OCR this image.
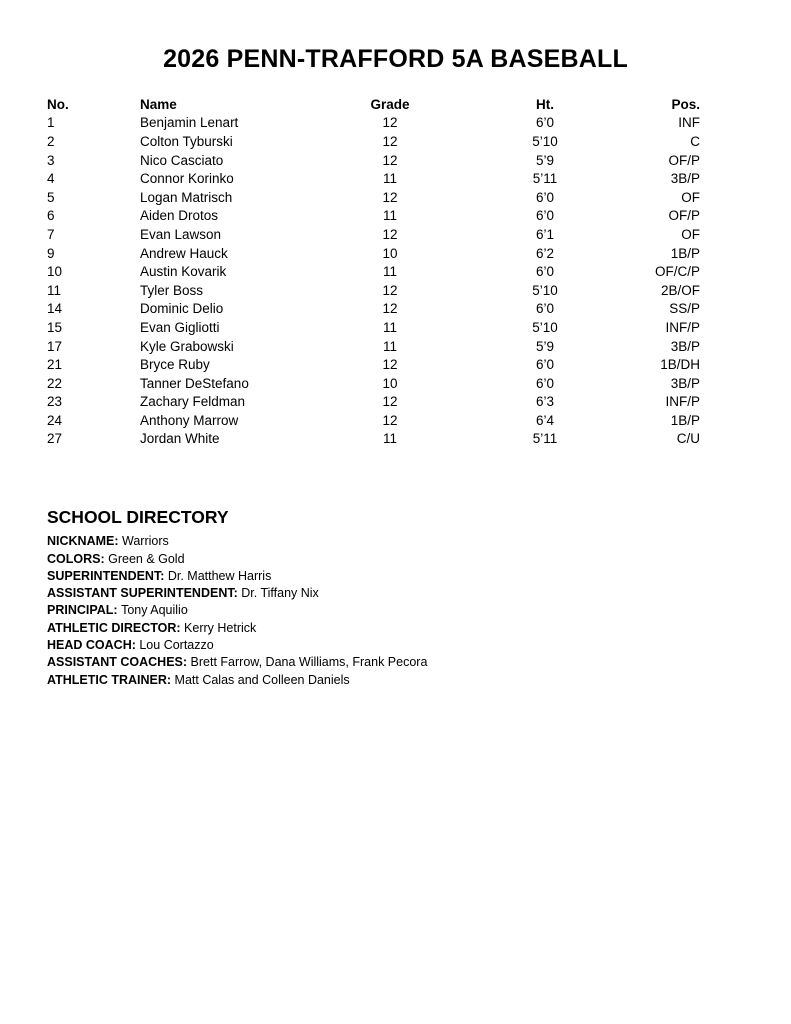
2026 PENN-TRAFFORD 5A BASEBALL
No.	Name	Grade	Ht.	Pos.
1	Benjamin Lenart	12	6’0	INF
2	Colton Tyburski	12	5’10	C
3	Nico Casciato	12	5’9	OF/P
4	Connor Korinko	11	5’11	3B/P
5	Logan Matrisch	12	6’0	OF
6	Aiden Drotos	11	6’0	OF/P
7	Evan Lawson	12	6’1	OF
9	Andrew Hauck	10	6’2	1B/P
10	Austin Kovarik	11	6’0	OF/C/P
11	Tyler Boss	12	5’10	2B/OF
14	Dominic Delio	12	6’0	SS/P
15	Evan Gigliotti	11	5’10	INF/P
17	Kyle Grabowski	11	5’9	3B/P
21	Bryce Ruby	12	6’0	1B/DH
22	Tanner DeStefano	10	6’0	3B/P
23	Zachary Feldman	12	6’3	INF/P
24	Anthony Marrow	12	6’4	1B/P
27	Jordan White	11	5’11	C/U
SCHOOL DIRECTORY
NICKNAME: Warriors
COLORS: Green & Gold
SUPERINTENDENT: Dr. Matthew Harris
ASSISTANT SUPERINTENDENT: Dr. Tiffany Nix
PRINCIPAL: Tony Aquilio
ATHLETIC DIRECTOR: Kerry Hetrick
HEAD COACH: Lou Cortazzo
ASSISTANT COACHES: Brett Farrow, Dana Williams, Frank Pecora
ATHLETIC TRAINER: Matt Calas and Colleen Daniels
